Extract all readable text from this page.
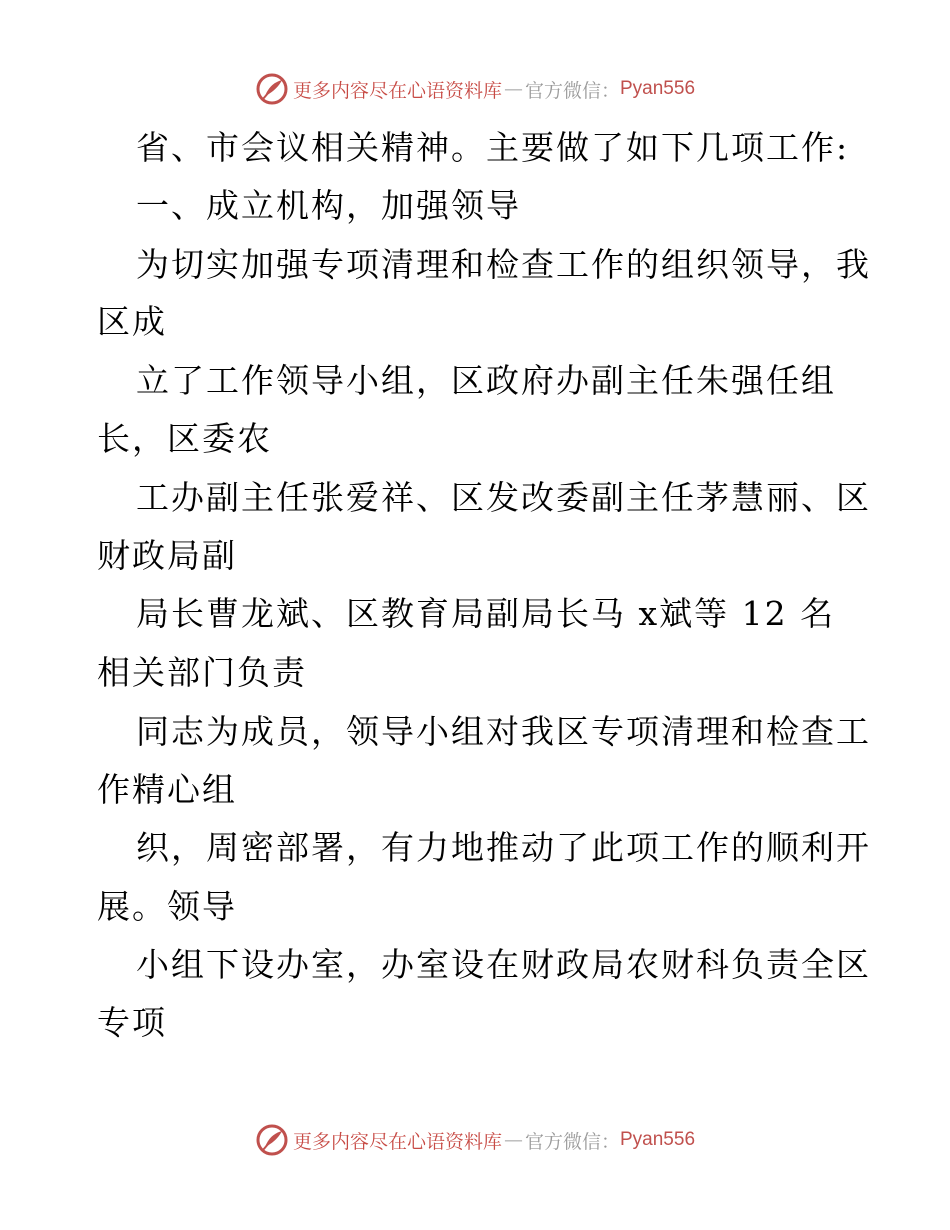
更多内容尽在心语资料库 — 官方微信： Pyan556
省、市会议相关精神。主要做了如下几项工作:
一、成立机构，加强领导
为切实加强专项清理和检查工作的组织领导，我
区成
立了工作领导小组，区政府办副主任朱强任组
长，区委农
工办副主任张爱祥、区发改委副主任茅慧丽、区
财政局副
局长曹龙斌、区教育局副局长马 x斌等 12 名
相关部门负责
同志为成员，领导小组对我区专项清理和检查工
作精心组
织，周密部署，有力地推动了此项工作的顺利开
展。领导
小组下设办室，办室设在财政局农财科负责全区
专项
更多内容尽在心语资料库 — 官方微信： Pyan556
